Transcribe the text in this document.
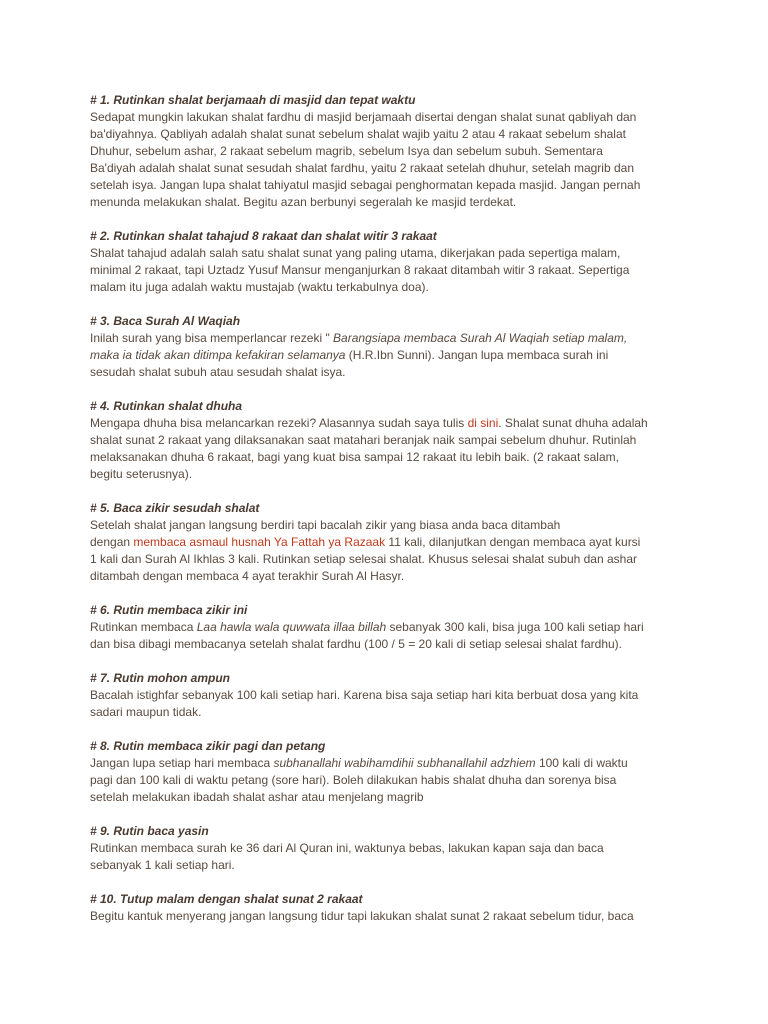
# 1. Rutinkan shalat berjamaah di masjid dan tepat waktu
Sedapat mungkin lakukan shalat fardhu di masjid berjamaah disertai dengan shalat sunat qabliyah dan
ba'diyahnya. Qabliyah adalah shalat sunat sebelum shalat wajib yaitu 2 atau 4 rakaat sebelum shalat
Dhuhur, sebelum ashar, 2 rakaat sebelum magrib, sebelum Isya dan sebelum subuh. Sementara
Ba'diyah adalah shalat sunat sesudah shalat fardhu, yaitu 2 rakaat setelah dhuhur, setelah magrib dan
setelah isya. Jangan lupa shalat tahiyatul masjid sebagai penghormatan kepada masjid. Jangan pernah
menunda melakukan shalat. Begitu azan berbunyi segeralah ke masjid terdekat.
# 2. Rutinkan shalat tahajud 8 rakaat dan shalat witir 3 rakaat
Shalat tahajud adalah salah satu shalat sunat yang paling utama, dikerjakan pada sepertiga malam,
minimal 2 rakaat, tapi Uztadz Yusuf Mansur menganjurkan 8 rakaat ditambah witir 3 rakaat. Sepertiga
malam itu juga adalah waktu mustajab (waktu terkabulnya doa).
# 3. Baca Surah Al Waqiah
Inilah surah yang bisa memperlancar rezeki " Barangsiapa membaca Surah Al Waqiah setiap malam,
maka ia tidak akan ditimpa kefakiran selamanya (H.R.Ibn Sunni). Jangan lupa membaca surah ini
sesudah shalat subuh atau sesudah shalat isya.
# 4. Rutinkan shalat dhuha
Mengapa dhuha bisa melancarkan rezeki? Alasannya sudah saya tulis di sini. Shalat sunat dhuha adalah
shalat sunat 2 rakaat yang dilaksanakan saat matahari beranjak naik sampai sebelum dhuhur. Rutinlah
melaksanakan dhuha 6 rakaat, bagi yang kuat bisa sampai 12 rakaat itu lebih baik. (2 rakaat salam,
begitu seterusnya).
# 5. Baca zikir sesudah shalat
Setelah shalat jangan langsung berdiri tapi bacalah zikir yang biasa anda baca ditambah
dengan membaca asmaul husnah Ya Fattah ya Razaak 11 kali, dilanjutkan dengan membaca ayat kursi
1 kali dan Surah Al Ikhlas 3 kali. Rutinkan setiap selesai shalat. Khusus selesai shalat subuh dan ashar
ditambah dengan membaca 4 ayat terakhir Surah Al Hasyr.
# 6. Rutin membaca zikir ini
Rutinkan membaca Laa hawla wala quwwata illaa billah sebanyak 300 kali, bisa juga 100 kali setiap hari
dan bisa dibagi membacanya setelah shalat fardhu (100 / 5 = 20 kali di setiap selesai shalat fardhu).
# 7. Rutin mohon ampun
Bacalah istighfar sebanyak 100 kali setiap hari. Karena bisa saja setiap hari kita berbuat dosa yang kita
sadari maupun tidak.
# 8. Rutin membaca zikir pagi dan petang
Jangan lupa setiap hari membaca subhanallahi wabihamdihii subhanallahil adzhiem 100 kali di waktu
pagi dan 100 kali di waktu petang (sore hari). Boleh dilakukan habis shalat dhuha dan sorenya bisa
setelah melakukan ibadah shalat ashar atau menjelang magrib
# 9. Rutin baca yasin
Rutinkan membaca surah ke 36 dari Al Quran ini, waktunya bebas, lakukan kapan saja dan baca
sebanyak 1 kali setiap hari.
# 10. Tutup malam dengan shalat sunat 2 rakaat
Begitu kantuk menyerang jangan langsung tidur tapi lakukan shalat sunat 2 rakaat sebelum tidur, baca
